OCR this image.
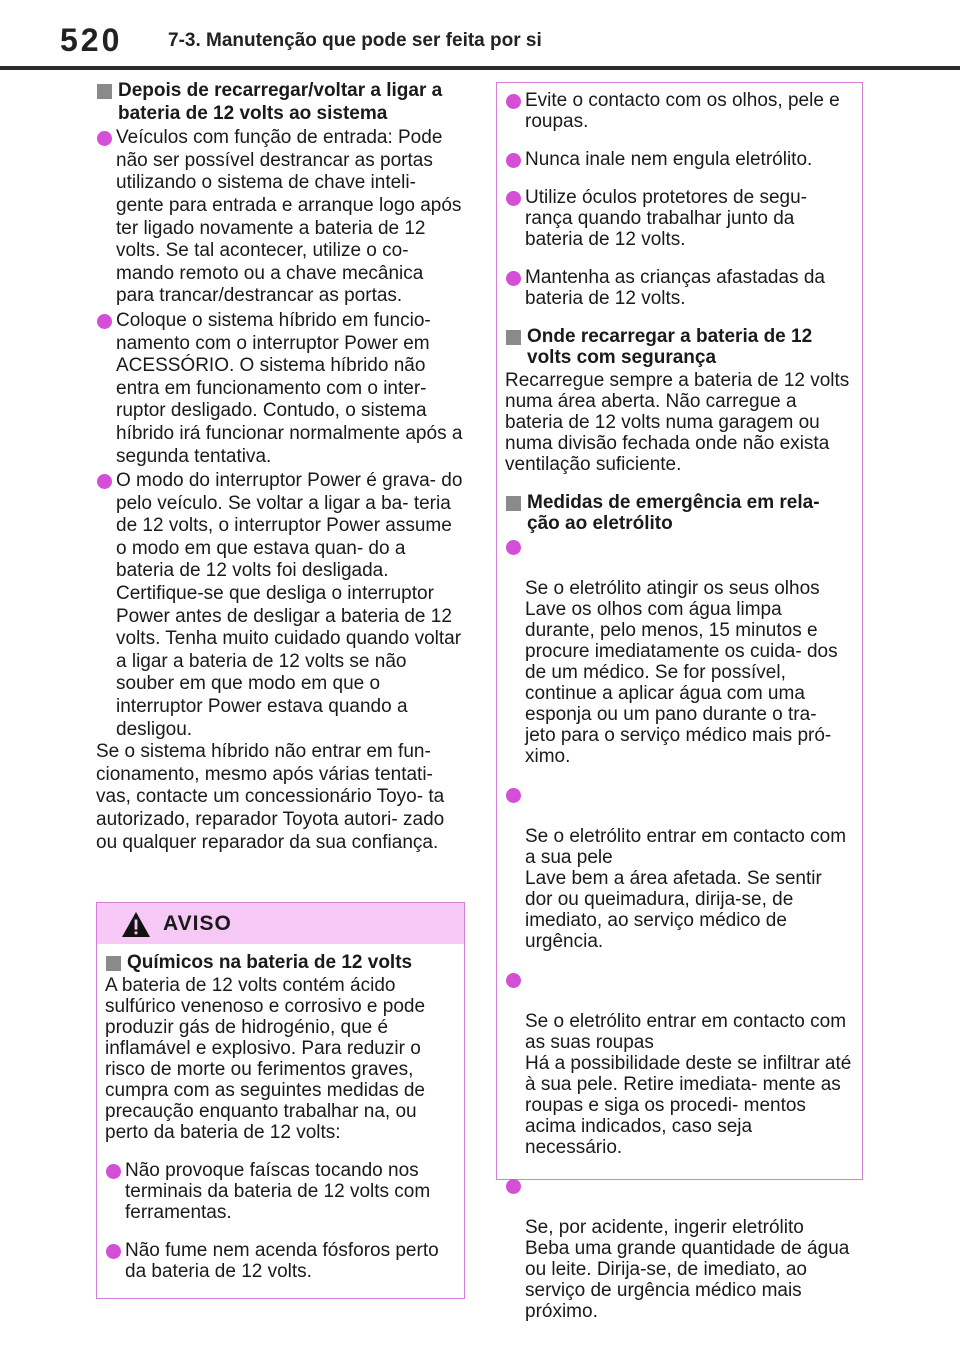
520 7-3. Manutenção que pode ser feita por si
Depois de recarregar/voltar a ligar a bateria de 12 volts ao sistema
Veículos com função de entrada: Pode não ser possível destrancar as portas utilizando o sistema de chave inteli- gente para entrada e arranque logo após ter ligado novamente a bateria de 12 volts. Se tal acontecer, utilize o co- mando remoto ou a chave mecânica para trancar/destrancar as portas.
Coloque o sistema híbrido em funcio- namento com o interruptor Power em ACESSÓRIO. O sistema híbrido não entra em funcionamento com o inter- ruptor desligado. Contudo, o sistema híbrido irá funcionar normalmente após a segunda tentativa.
O modo do interruptor Power é grava- do pelo veículo. Se voltar a ligar a ba- teria de 12 volts, o interruptor Power assume o modo em que estava quan- do a bateria de 12 volts foi desligada. Certifique-se que desliga o interruptor Power antes de desligar a bateria de 12 volts. Tenha muito cuidado quando voltar a ligar a bateria de 12 volts se não souber em que modo em que o interruptor Power estava quando a desligou.

Se o sistema híbrido não entrar em fun- cionamento, mesmo após várias tentati- vas, contacte um concessionário Toyo- ta autorizado, reparador Toyota autori- zado ou qualquer reparador da sua confiança.

AVISO
Químicos na bateria de 12 volts

A bateria de 12 volts contém ácido sulfúrico venenoso e corrosivo e pode produzir gás de hidrogénio, que é inflamável e explosivo. Para reduzir o risco de morte ou ferimentos graves, cumpra com as seguintes medidas de precaução enquanto trabalhar na, ou perto da bateria de 12 volts:

Não provoque faíscas tocando nos terminais da bateria de 12 volts com ferramentas.
Não fume nem acenda fósforos perto da bateria de 12 volts.
Evite o contacto com os olhos, pele e roupas.
Nunca inale nem engula eletrólito.
Utilize óculos protetores de segu- rança quando trabalhar junto da bateria de 12 volts.
Mantenha as crianças afastadas da bateria de 12 volts.
Onde recarregar a bateria de 12 volts com segurança

Recarregue sempre a bateria de 12 volts numa área aberta. Não carregue a bateria de 12 volts numa garagem ou numa divisão fechada onde não exista ventilação suficiente.

Medidas de emergência em rela- ção ao eletrólito

Se o eletrólito atingir os seus olhos
Lave os olhos com água limpa durante, pelo menos, 15 minutos e procure imediatamente os cuida- dos de um médico. Se for possível, continue a aplicar água com uma esponja ou um pano durante o tra- jeto para o serviço médico mais pró- ximo.

Se o eletrólito entrar em contacto com a sua pele
Lave bem a área afetada. Se sentir dor ou queimadura, dirija-se, de imediato, ao serviço médico de urgência.

Se o eletrólito entrar em contacto com as suas roupas
Há a possibilidade deste se infiltrar até à sua pele. Retire imediata- mente as roupas e siga os procedi- mentos acima indicados, caso seja necessário.

Se, por acidente, ingerir eletrólito
Beba uma grande quantidade de água ou leite. Dirija-se, de imediato, ao serviço de urgência médico mais próximo.
